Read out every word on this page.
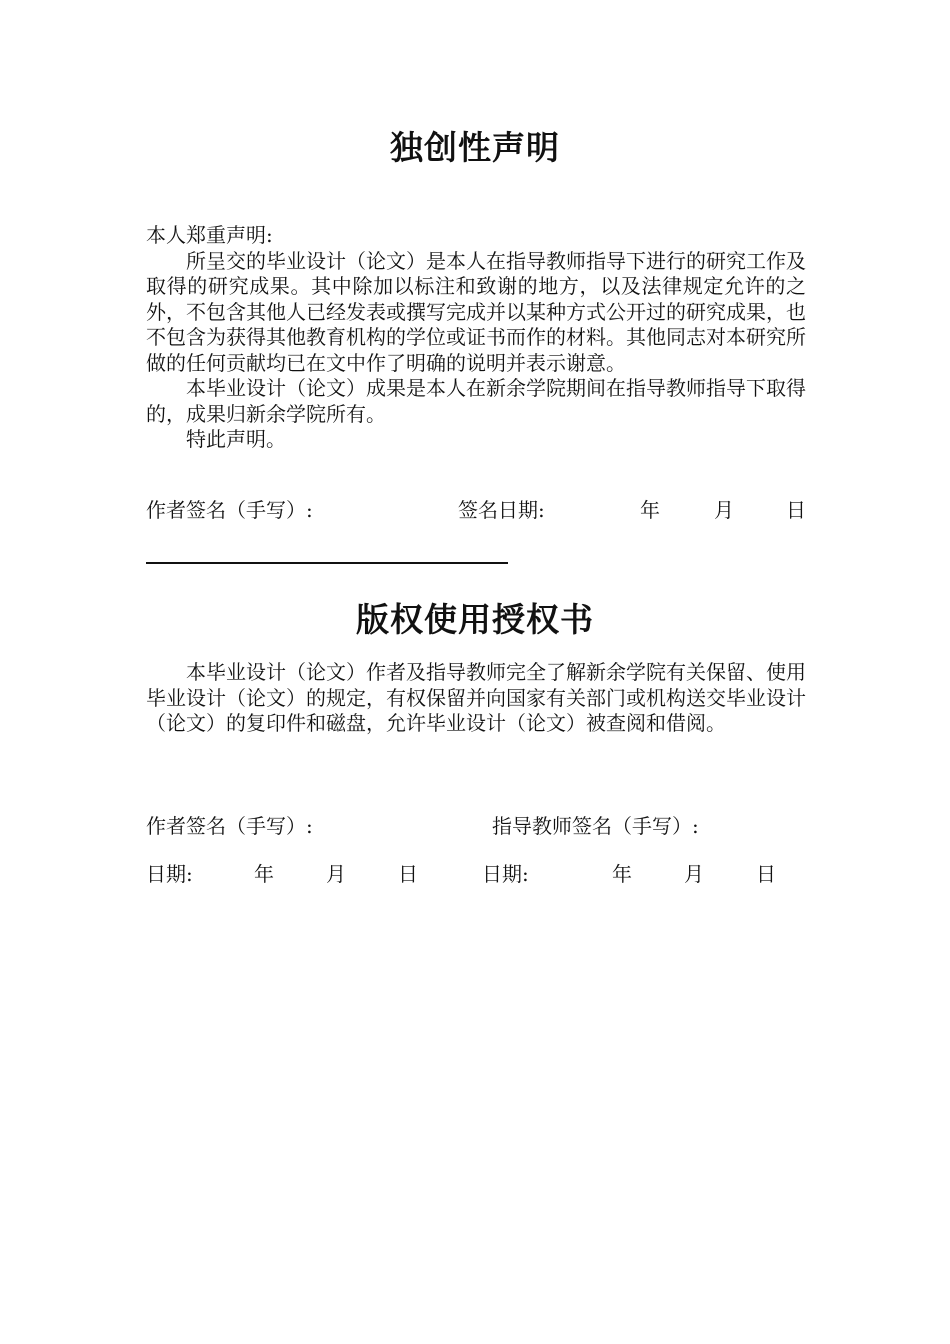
独创性声明

本人郑重声明:

所呈交的毕业设计（论文）是本人在指导教师指导下进行的研究工作及取得的研究成果。其中除加以标注和致谢的地方，以及法律规定允许的之外，不包含其他人已经发表或撰写完成并以某种方式公开过的研究成果，也不包含为获得其他教育机构的学位或证书而作的材料。其他同志对本研究所做的任何贡献均已在文中作了明确的说明并表示谢意。

本毕业设计（论文）成果是本人在新余学院期间在指导教师指导下取得的，成果归新余学院所有。

特此声明。

作者签名（手写）:	签名日期:	年	月	日
版权使用授权书

本毕业设计（论文）作者及指导教师完全了解新余学院有关保留、使用毕业设计（论文）的规定，有权保留并向国家有关部门或机构送交毕业设计（论文）的复印件和磁盘，允许毕业设计（论文）被查阅和借阅。

作者签名（手写）:	指导教师签名（手写）:
日期:	年	月	日	日期:	年	月	日
